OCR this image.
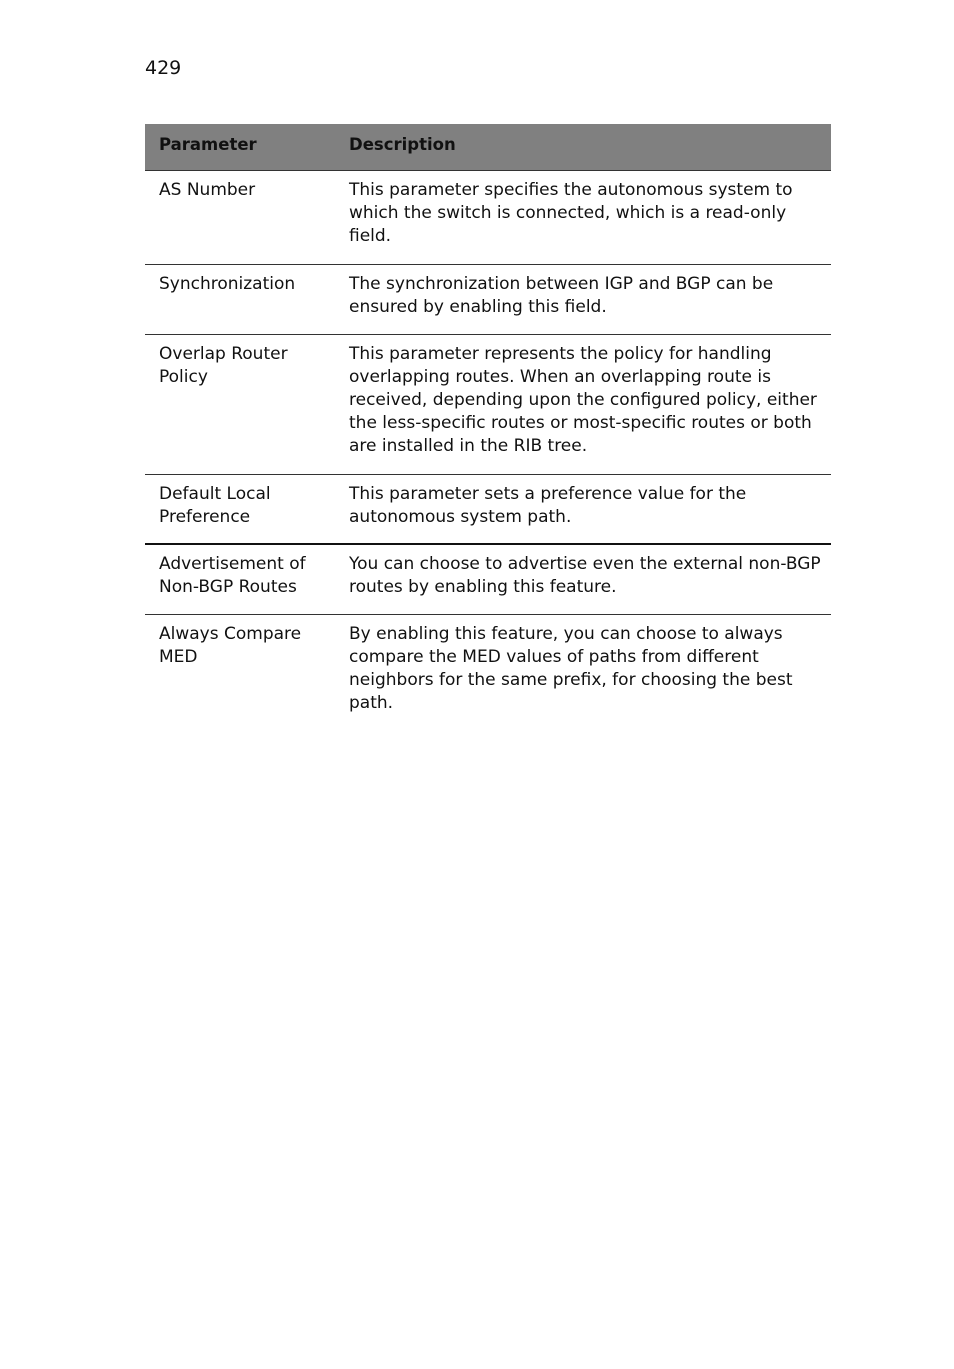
429
Parameter	Description
AS Number	This parameter specifies the autonomous system to which the switch is connected, which is a read-only field.
Synchronization	The synchronization between IGP and BGP can be ensured by enabling this field.
Overlap Router Policy	This parameter represents the policy for handling overlapping routes. When an overlapping route is received, depending upon the configured policy, either the less-specific routes or most-specific routes or both are installed in the RIB tree.
Default Local Preference	This parameter sets a preference value for the autonomous system path.
Advertisement of Non-BGP Routes	You can choose to advertise even the external non-BGP routes by enabling this feature.
Always Compare MED	By enabling this feature, you can choose to always compare the MED values of paths from different neighbors for the same prefix, for choosing the best path.
